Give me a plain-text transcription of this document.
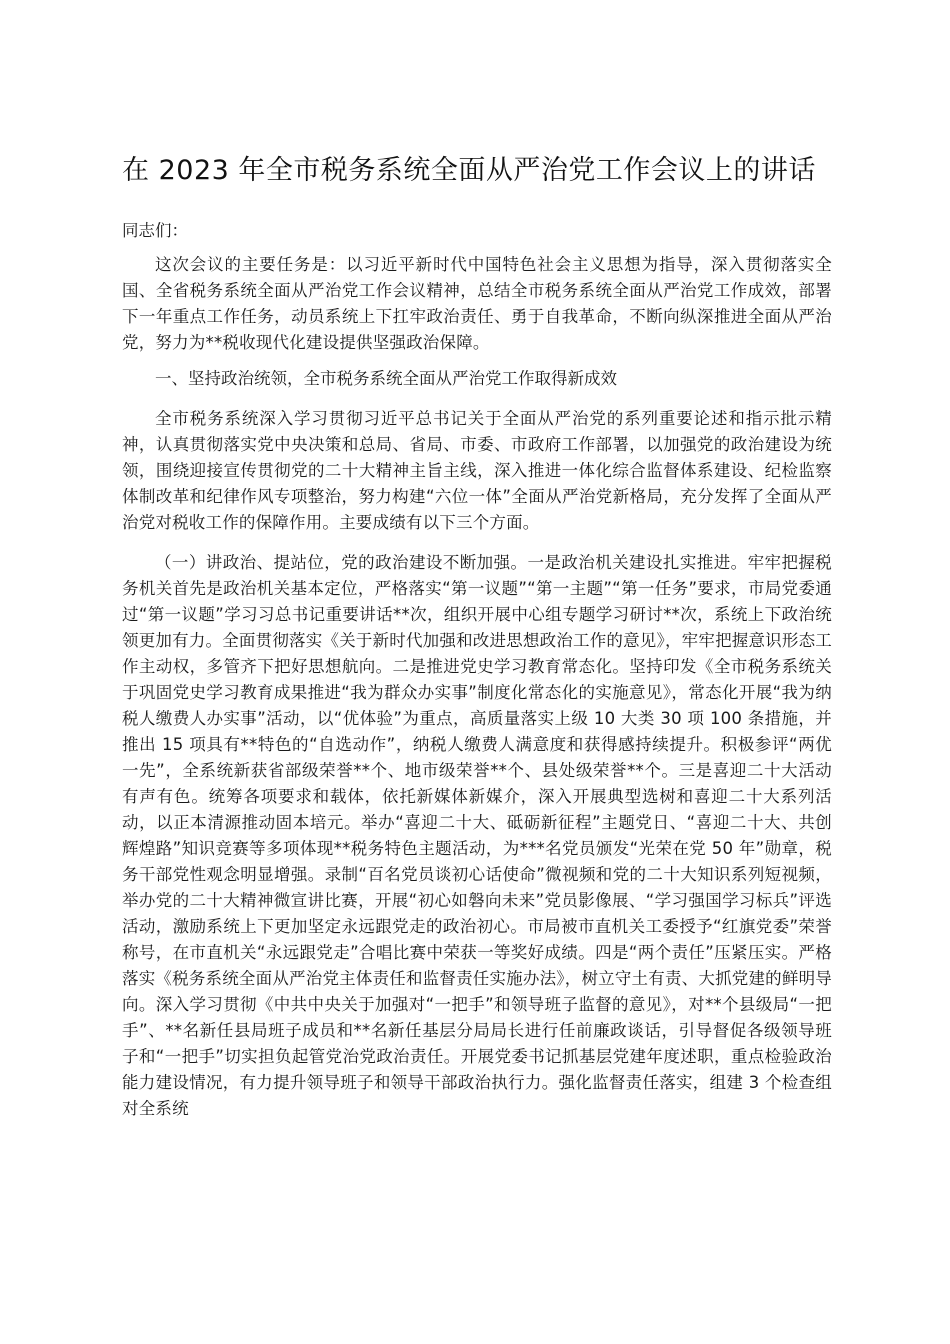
在 2023 年全市税务系统全面从严治党工作会议上的讲话

同志们：

这次会议的主要任务是：以习近平新时代中国特色社会主义思想为指导，深入贯彻落实全国、全省税务系统全面从严治党工作会议精神，总结全市税务系统全面从严治党工作成效，部署下一年重点工作任务，动员系统上下扛牢政治责任、勇于自我革命，不断向纵深推进全面从严治党，努力为**税收现代化建设提供坚强政治保障。

一、坚持政治统领，全市税务系统全面从严治党工作取得新成效

全市税务系统深入学习贯彻习近平总书记关于全面从严治党的系列重要论述和指示批示精神，认真贯彻落实党中央决策和总局、省局、市委、市政府工作部署，以加强党的政治建设为统领，围绕迎接宣传贯彻党的二十大精神主旨主线，深入推进一体化综合监督体系建设、纪检监察体制改革和纪律作风专项整治，努力构建“六位一体”全面从严治党新格局，充分发挥了全面从严治党对税收工作的保障作用。主要成绩有以下三个方面。

（一）讲政治、提站位，党的政治建设不断加强。一是政治机关建设扎实推进。牢牢把握税务机关首先是政治机关基本定位，严格落实“第一议题”“第一主题”“第一任务”要求，市局党委通过“第一议题”学习习总书记重要讲话**次，组织开展中心组专题学习研讨**次，系统上下政治统领更加有力。全面贯彻落实《关于新时代加强和改进思想政治工作的意见》，牢牢把握意识形态工作主动权，多管齐下把好思想航向。二是推进党史学习教育常态化。坚持印发《全市税务系统关于巩固党史学习教育成果推进“我为群众办实事”制度化常态化的实施意见》，常态化开展“我为纳税人缴费人办实事”活动，以“优体验”为重点，高质量落实上级 10 大类 30 项 100 条措施，并推出 15 项具有**特色的“自选动作”，纳税人缴费人满意度和获得感持续提升。积极参评“两优一先”，全系统新获省部级荣誉**个、地市级荣誉**个、县处级荣誉**个。三是喜迎二十大活动有声有色。统筹各项要求和载体，依托新媒体新媒介，深入开展典型选树和喜迎二十大系列活动，以正本清源推动固本培元。举办“喜迎二十大、砥砺新征程”主题党日、“喜迎二十大、共创辉煌路”知识竞赛等多项体现**税务特色主题活动，为***名党员颁发“光荣在党 50 年”勋章，税务干部党性观念明显增强。录制“百名党员谈初心话使命”微视频和党的二十大知识系列短视频，举办党的二十大精神微宣讲比赛，开展“初心如磐向未来”党员影像展、“学习强国学习标兵”评选活动，激励系统上下更加坚定永远跟党走的政治初心。市局被市直机关工委授予“红旗党委”荣誉称号，在市直机关“永远跟党走”合唱比赛中荣获一等奖好成绩。四是“两个责任”压紧压实。严格落实《税务系统全面从严治党主体责任和监督责任实施办法》，树立守土有责、大抓党建的鲜明导向。深入学习贯彻《中共中央关于加强对“一把手”和领导班子监督的意见》，对**个县级局“一把手”、**名新任县局班子成员和**名新任基层分局局长进行任前廉政谈话，引导督促各级领导班子和“一把手”切实担负起管党治党政治责任。开展党委书记抓基层党建年度述职，重点检验政治能力建设情况，有力提升领导班子和领导干部政治执行力。强化监督责任落实，组建 3 个检查组对全系统
